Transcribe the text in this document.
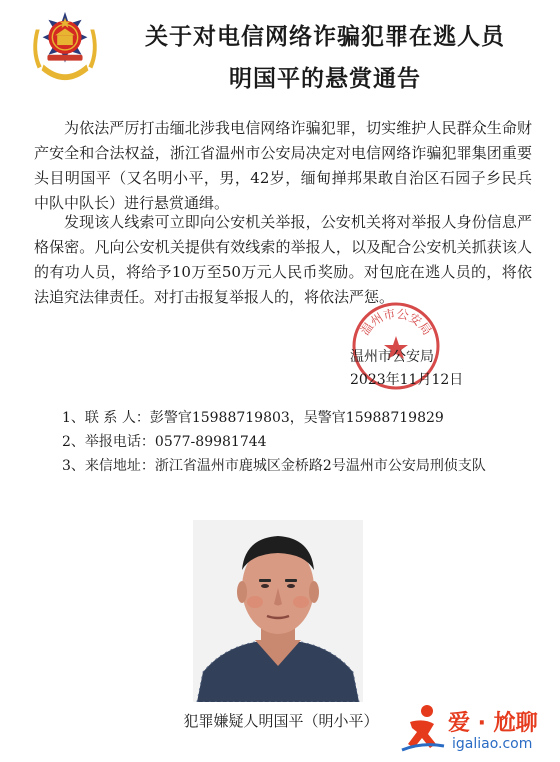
关于对电信网络诈骗犯罪在逃人员
明国平的悬赏通告

为依法严厉打击缅北涉我电信网络诈骗犯罪，切实维护人民群众生命财产安全和合法权益，浙江省温州市公安局决定对电信网络诈骗犯罪集团重要头目明国平（又名明小平，男，42岁，缅甸掸邦果敢自治区石园子乡民兵中队中队长）进行悬赏通缉。

发现该人线索可立即向公安机关举报，公安机关将对举报人身份信息严格保密。凡向公安机关提供有效线索的举报人，以及配合公安机关抓获该人的有功人员，将给予10万至50万元人民币奖励。对包庇在逃人员的，将依法追究法律责任。对打击报复举报人的，将依法严惩。

温州市公安局
温州市公安局
2023年11月12日
1、 联 系 人： 彭警官15988719803，吴警官15988719829
2、 举报电话： 0577-89981744
3、 来信地址： 浙江省温州市鹿城区金桥路2号温州市公安局刑侦支队
犯罪嫌疑人明国平（明小平）	爱 · 尬聊
igaliao.com
